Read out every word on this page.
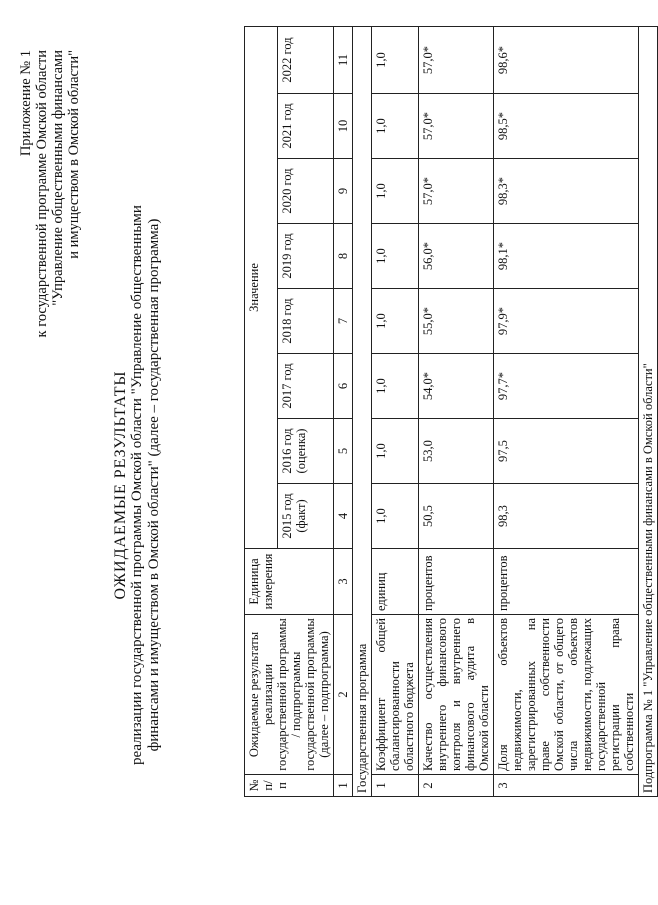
Приложение № 1 к государственной программе Омской области "Управление общественными финансами и имуществом в Омской области"
ОЖИДАЕМЫЕ РЕЗУЛЬТАТЫ реализации государственной программы Омской области "Управление общественными финансами и имуществом в Омской области" (далее – государственная программа)
№ п/п	Ожидаемые результаты реализации государственной программы / подпрограммы государственной программы (далее – подпрограмма)	Единица измерения	Значение							
			2015 год (факт)	2016 год (оценка)	2017 год	2018 год	2019 год	2020 год	2021 год	2022 год
1	2	3	4	5	6	7	8	9	10	11
Государственная программа										
1	Коэффициент общей сбалансированности областного бюджета	единиц	1,0	1,0	1,0	1,0	1,0	1,0	1,0	1,0
2	Качество осуществления внутреннего финансового контроля и внутреннего финансового аудита в Омской области	процентов	50,5	53,0	54,0*	55,0*	56,0*	57,0*	57,0*	57,0*
3	Доля объектов недвижимости, зарегистрированных на праве собственности Омской области, от общего числа объектов недвижимости, подлежащих государственной регистрации права собственности	процентов	98,3	97,5	97,7*	97,9*	98,1*	98,3*	98,5*	98,6*
Подпрограмма № 1 "Управление общественными финансами в Омской области"										
